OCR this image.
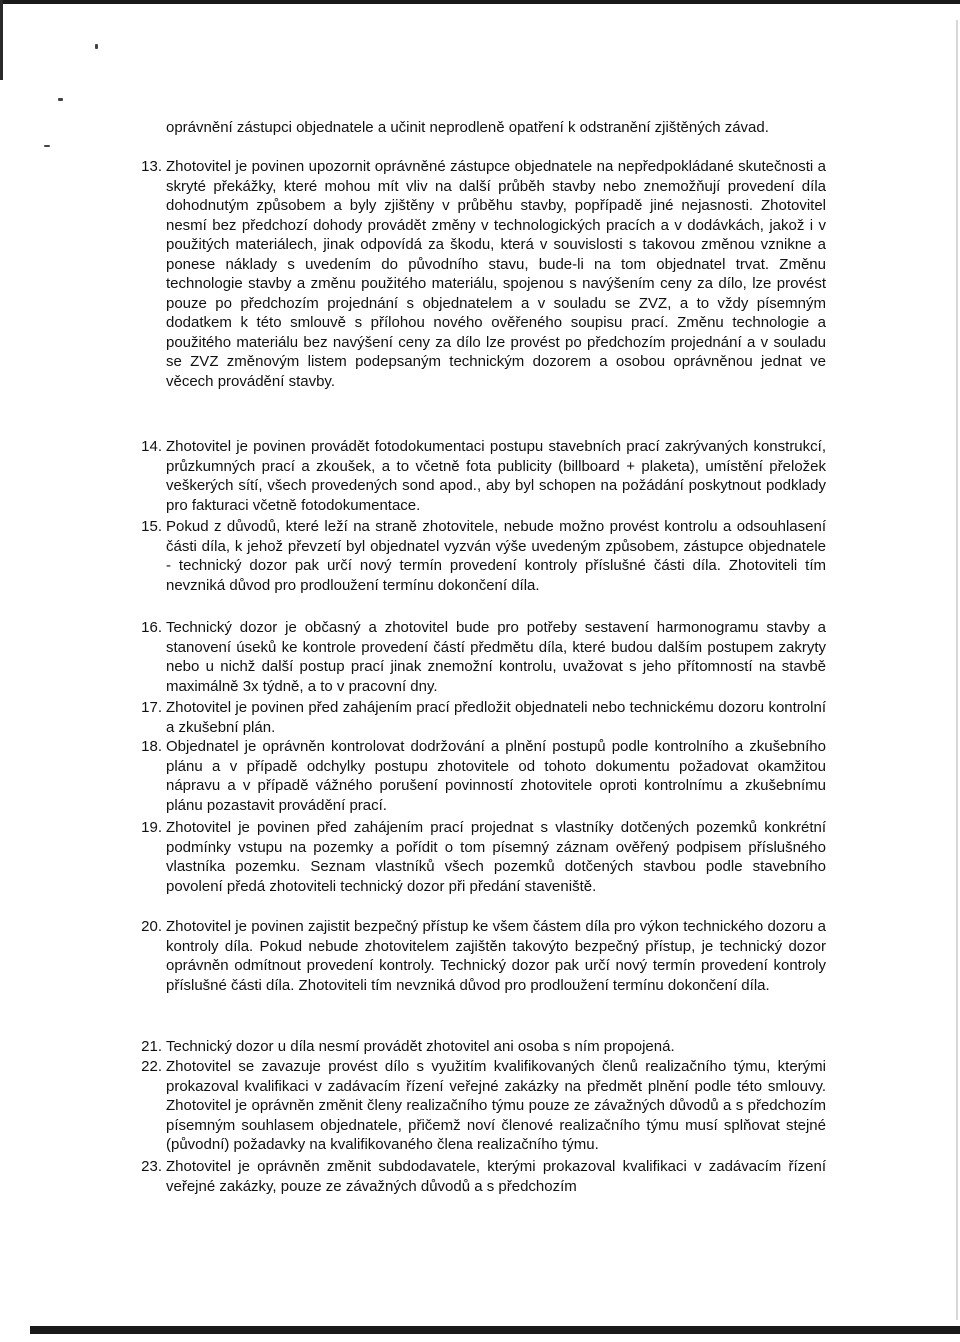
oprávnění zástupci objednatele a učinit neprodleně opatření k odstranění zjištěných závad.
13. Zhotovitel je povinen upozornit oprávněné zástupce objednatele na nepředpokládané skutečnosti a skryté překážky, které mohou mít vliv na další průběh stavby nebo znemožňují provedení díla dohodnutým způsobem a byly zjištěny v průběhu stavby, popřípadě jiné nejasnosti. Zhotovitel nesmí bez předchozí dohody provádět změny v technologických pracích a v dodávkách, jakož i v použitých materiálech, jinak odpovídá za škodu, která v souvislosti s takovou změnou vznikne a ponese náklady s uvedením do původního stavu, bude-li na tom objednatel trvat. Změnu technologie stavby a změnu použitého materiálu, spojenou s navýšením ceny za dílo, lze provést pouze po předchozím projednání s objednatelem a v souladu se ZVZ, a to vždy písemným dodatkem k této smlouvě s přílohou nového ověřeného soupisu prací. Změnu technologie a použitého materiálu bez navýšení ceny za dílo lze provést po předchozím projednání a v souladu se ZVZ změnovým listem podepsaným technickým dozorem a osobou oprávněnou jednat ve věcech provádění stavby.
14. Zhotovitel je povinen provádět fotodokumentaci postupu stavebních prací zakrývaných konstrukcí, průzkumných prací a zkoušek, a to včetně fota publicity (billboard + plaketa), umístění přeložek veškerých sítí, všech provedených sond apod., aby byl schopen na požádání poskytnout podklady pro fakturaci včetně fotodokumentace.
15. Pokud z důvodů, které leží na straně zhotovitele, nebude možno provést kontrolu a odsouhlasení části díla, k jehož převzetí byl objednatel vyzván výše uvedeným způsobem, zástupce objednatele - technický dozor pak určí nový termín provedení kontroly příslušné části díla. Zhotoviteli tím nevzniká důvod pro prodloužení termínu dokončení díla.
16. Technický dozor je občasný a zhotovitel bude pro potřeby sestavení harmonogramu stavby a stanovení úseků ke kontrole provedení částí předmětu díla, které budou dalším postupem zakryty nebo u nichž další postup prací jinak znemožní kontrolu, uvažovat s jeho přítomností na stavbě maximálně 3x týdně, a to v pracovní dny.
17. Zhotovitel je povinen před zahájením prací předložit objednateli nebo technickému dozoru kontrolní a zkušební plán.
18. Objednatel je oprávněn kontrolovat dodržování a plnění postupů podle kontrolního a zkušebního plánu a v případě odchylky postupu zhotovitele od tohoto dokumentu požadovat okamžitou nápravu a v případě vážného porušení povinností zhotovitele oproti kontrolnímu a zkušebnímu plánu pozastavit provádění prací.
19. Zhotovitel je povinen před zahájením prací projednat s vlastníky dotčených pozemků konkrétní podmínky vstupu na pozemky a pořídit o tom písemný záznam ověřený podpisem příslušného vlastníka pozemku. Seznam vlastníků všech pozemků dotčených stavbou podle stavebního povolení předá zhotoviteli technický dozor při předání staveniště.
20. Zhotovitel je povinen zajistit bezpečný přístup ke všem částem díla pro výkon technického dozoru a kontroly díla. Pokud nebude zhotovitelem zajištěn takovýto bezpečný přístup, je technický dozor oprávněn odmítnout provedení kontroly. Technický dozor pak určí nový termín provedení kontroly příslušné části díla. Zhotoviteli tím nevzniká důvod pro prodloužení termínu dokončení díla.
21. Technický dozor u díla nesmí provádět zhotovitel ani osoba s ním propojená.
22. Zhotovitel se zavazuje provést dílo s využitím kvalifikovaných členů realizačního týmu, kterými prokazoval kvalifikaci v zadávacím řízení veřejné zakázky na předmět plnění podle této smlouvy. Zhotovitel je oprávněn změnit členy realizačního týmu pouze ze závažných důvodů a s předchozím písemným souhlasem objednatele, přičemž noví členové realizačního týmu musí splňovat stejné (původní) požadavky na kvalifikovaného člena realizačního týmu.
23. Zhotovitel je oprávněn změnit subdodavatele, kterými prokazoval kvalifikaci v zadávacím řízení veřejné zakázky, pouze ze závažných důvodů a s předchozím
